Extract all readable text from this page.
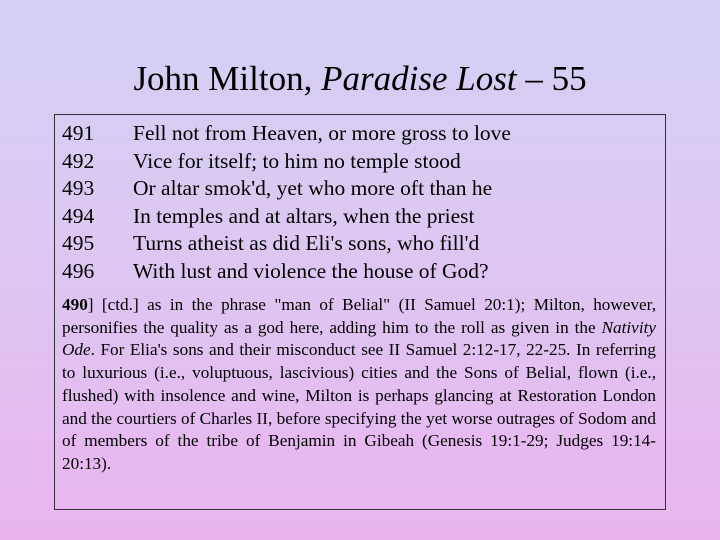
John Milton, Paradise Lost – 55
491	Fell not from Heaven, or more gross to love
492	Vice for itself; to him no temple stood
493	Or altar smok'd, yet who more oft than he
494	In temples and at altars, when the priest
495	Turns atheist as did Eli's sons, who fill'd
496	With lust and violence the house of God?
490] [ctd.] as in the phrase "man of Belial" (II Samuel 20:1); Milton, however, personifies the quality as a god here, adding him to the roll as given in the Nativity Ode. For Elia's sons and their misconduct see II Samuel 2:12-17, 22-25. In referring to luxurious (i.e., voluptuous, lascivious) cities and the Sons of Belial, flown (i.e., flushed) with insolence and wine, Milton is perhaps glancing at Restoration London and the courtiers of Charles II, before specifying the yet worse outrages of Sodom and of members of the tribe of Benjamin in Gibeah (Genesis 19:1-29; Judges 19:14-20:13).
